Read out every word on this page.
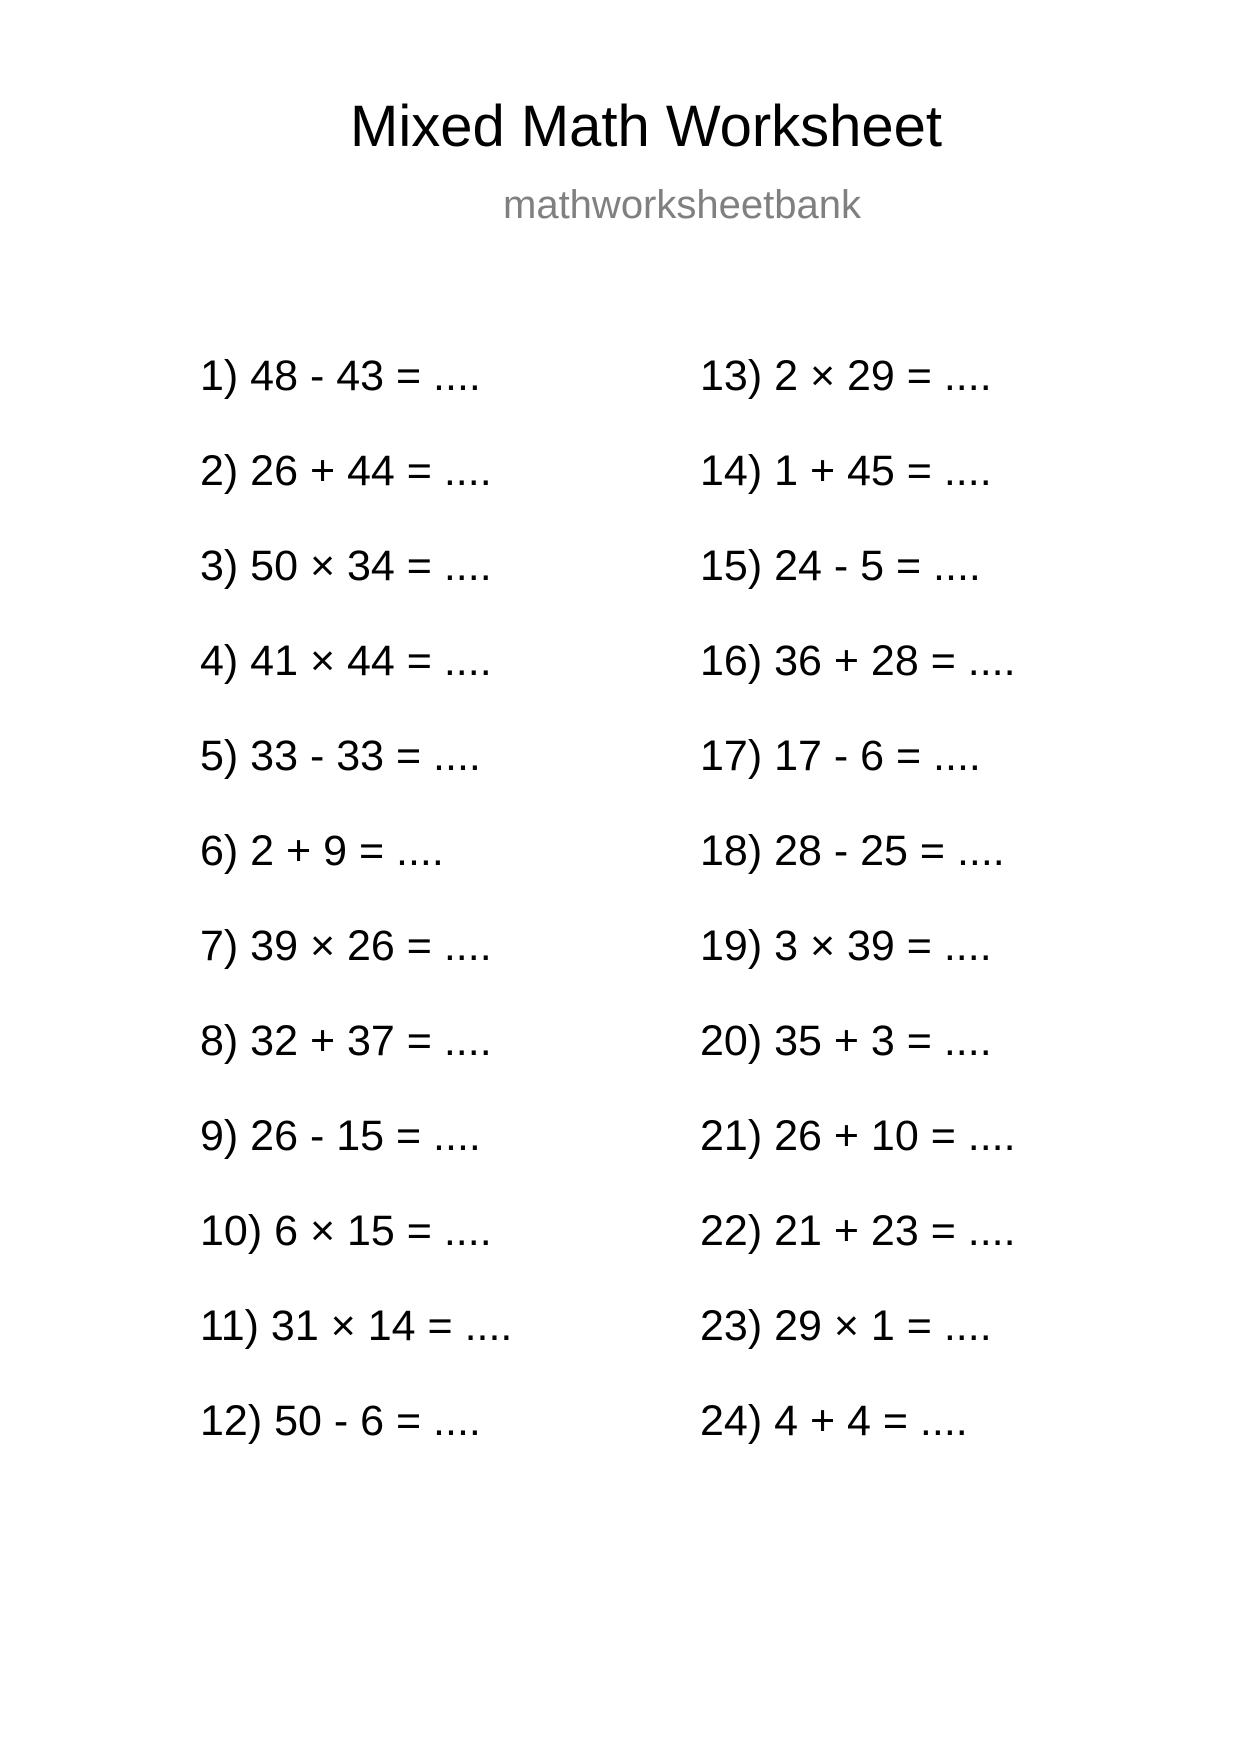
Mixed Math Worksheet
mathworksheetbank
1) 48 - 43 = ....
2) 26 + 44 = ....
3) 50 × 34 = ....
4) 41 × 44 = ....
5) 33 - 33 = ....
6) 2 + 9 = ....
7) 39 × 26 = ....
8) 32 + 37 = ....
9) 26 - 15 = ....
10) 6 × 15 = ....
11) 31 × 14 = ....
12) 50 - 6 = ....
13) 2 × 29 = ....
14) 1 + 45 = ....
15) 24 - 5 = ....
16) 36 + 28 = ....
17) 17 - 6 = ....
18) 28 - 25 = ....
19) 3 × 39 = ....
20) 35 + 3 = ....
21) 26 + 10 = ....
22) 21 + 23 = ....
23) 29 × 1 = ....
24) 4 + 4 = ....
